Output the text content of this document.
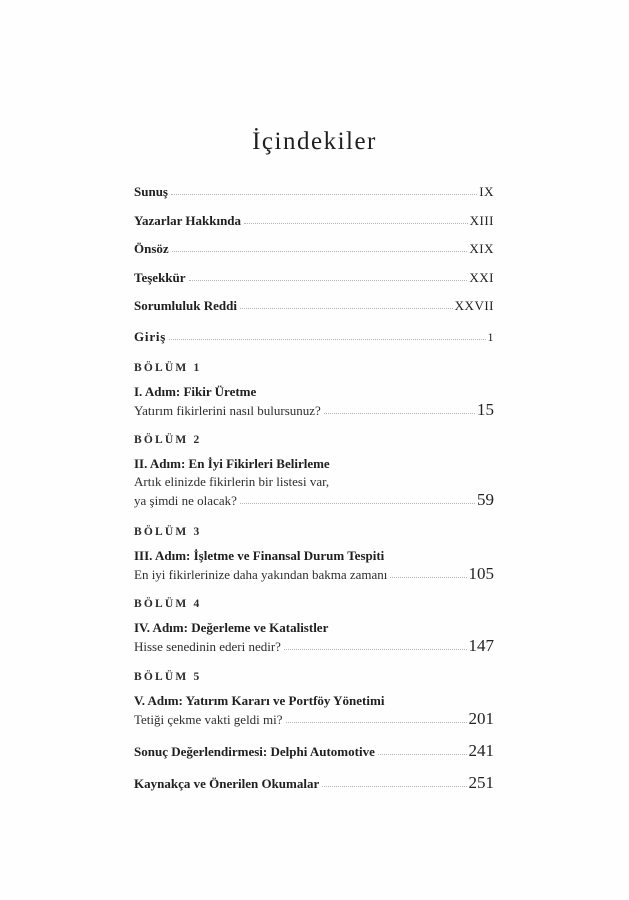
İçindekiler
Sunuş	IX
Yazarlar Hakkında	XIII
Önsöz	XIX
Teşekkür	XXI
Sorumluluk Reddi	XXVII
Giriş	1
BÖLÜM 1
I. Adım: Fikir Üretme
Yatırım fikirlerini nasıl bulursunuz?	15
BÖLÜM 2
II. Adım: En İyi Fikirleri Belirleme
Artık elinizde fikirlerin bir listesi var,
ya şimdi ne olacak?	59
BÖLÜM 3
III. Adım: İşletme ve Finansal Durum Tespiti
En iyi fikirlerinize daha yakından bakma zamanı	105
BÖLÜM 4
IV. Adım: Değerleme ve Katalistler
Hisse senedinin ederi nedir?	147
BÖLÜM 5
V. Adım: Yatırım Kararı ve Portföy Yönetimi
Tetiği çekme vakti geldi mi?	201
Sonuç Değerlendirmesi: Delphi Automotive	241
Kaynakça ve Önerilen Okumalar	251
